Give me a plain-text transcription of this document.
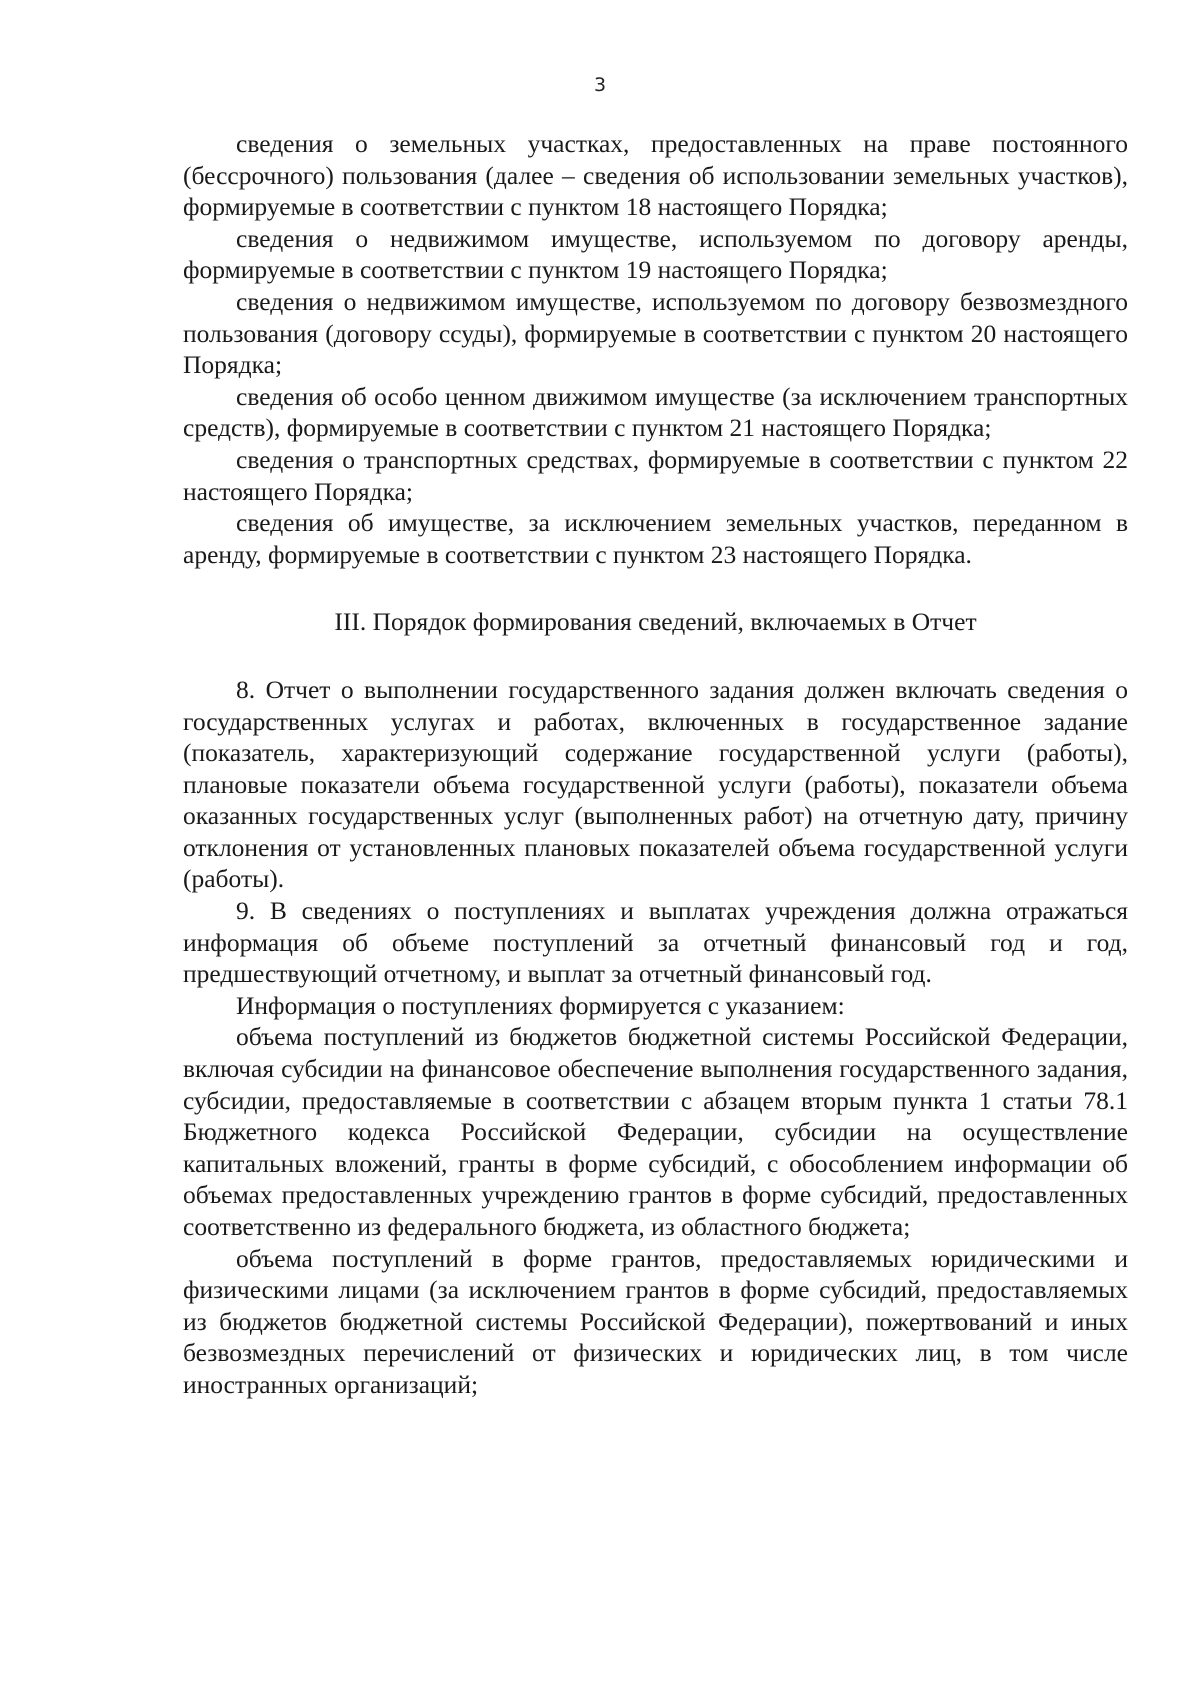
3

сведения о земельных участках, предоставленных на праве постоянного (бессрочного) пользования (далее – сведения об использовании земельных участков), формируемые в соответствии с пунктом 18 настоящего Порядка;

сведения о недвижимом имуществе, используемом по договору аренды, формируемые в соответствии с пунктом 19 настоящего Порядка;

сведения о недвижимом имуществе, используемом по договору безвозмездного пользования (договору ссуды), формируемые в соответствии с пунктом 20 настоящего Порядка;

сведения об особо ценном движимом имуществе (за исключением транспортных средств), формируемые в соответствии с пунктом 21 настоящего Порядка;

сведения о транспортных средствах, формируемые в соответствии с пунктом 22 настоящего Порядка;

сведения об имуществе, за исключением земельных участков, переданном в аренду, формируемые в соответствии с пунктом 23 настоящего Порядка.

III. Порядок формирования сведений, включаемых в Отчет

8. Отчет о выполнении государственного задания должен включать сведения о государственных услугах и работах, включенных в государственное задание (показатель, характеризующий содержание государственной услуги (работы), плановые показатели объема государственной услуги (работы), показатели объема оказанных государственных услуг (выполненных работ) на отчетную дату, причину отклонения от установленных плановых показателей объема государственной услуги (работы).

9. В сведениях о поступлениях и выплатах учреждения должна отражаться информация об объеме поступлений за отчетный финансовый год и год, предшествующий отчетному, и выплат за отчетный финансовый год.

Информация о поступлениях формируется с указанием:

объема поступлений из бюджетов бюджетной системы Российской Федерации, включая субсидии на финансовое обеспечение выполнения государственного задания, субсидии, предоставляемые в соответствии с абзацем вторым пункта 1 статьи 78.1 Бюджетного кодекса Российской Федерации, субсидии на осуществление капитальных вложений, гранты в форме субсидий, с обособлением информации об объемах предоставленных учреждению грантов в форме субсидий, предоставленных соответственно из федерального бюджета, из областного бюджета;

объема поступлений в форме грантов, предоставляемых юридическими и физическими лицами (за исключением грантов в форме субсидий, предоставляемых из бюджетов бюджетной системы Российской Федерации), пожертвований и иных безвозмездных перечислений от физических и юридических лиц, в том числе иностранных организаций;
